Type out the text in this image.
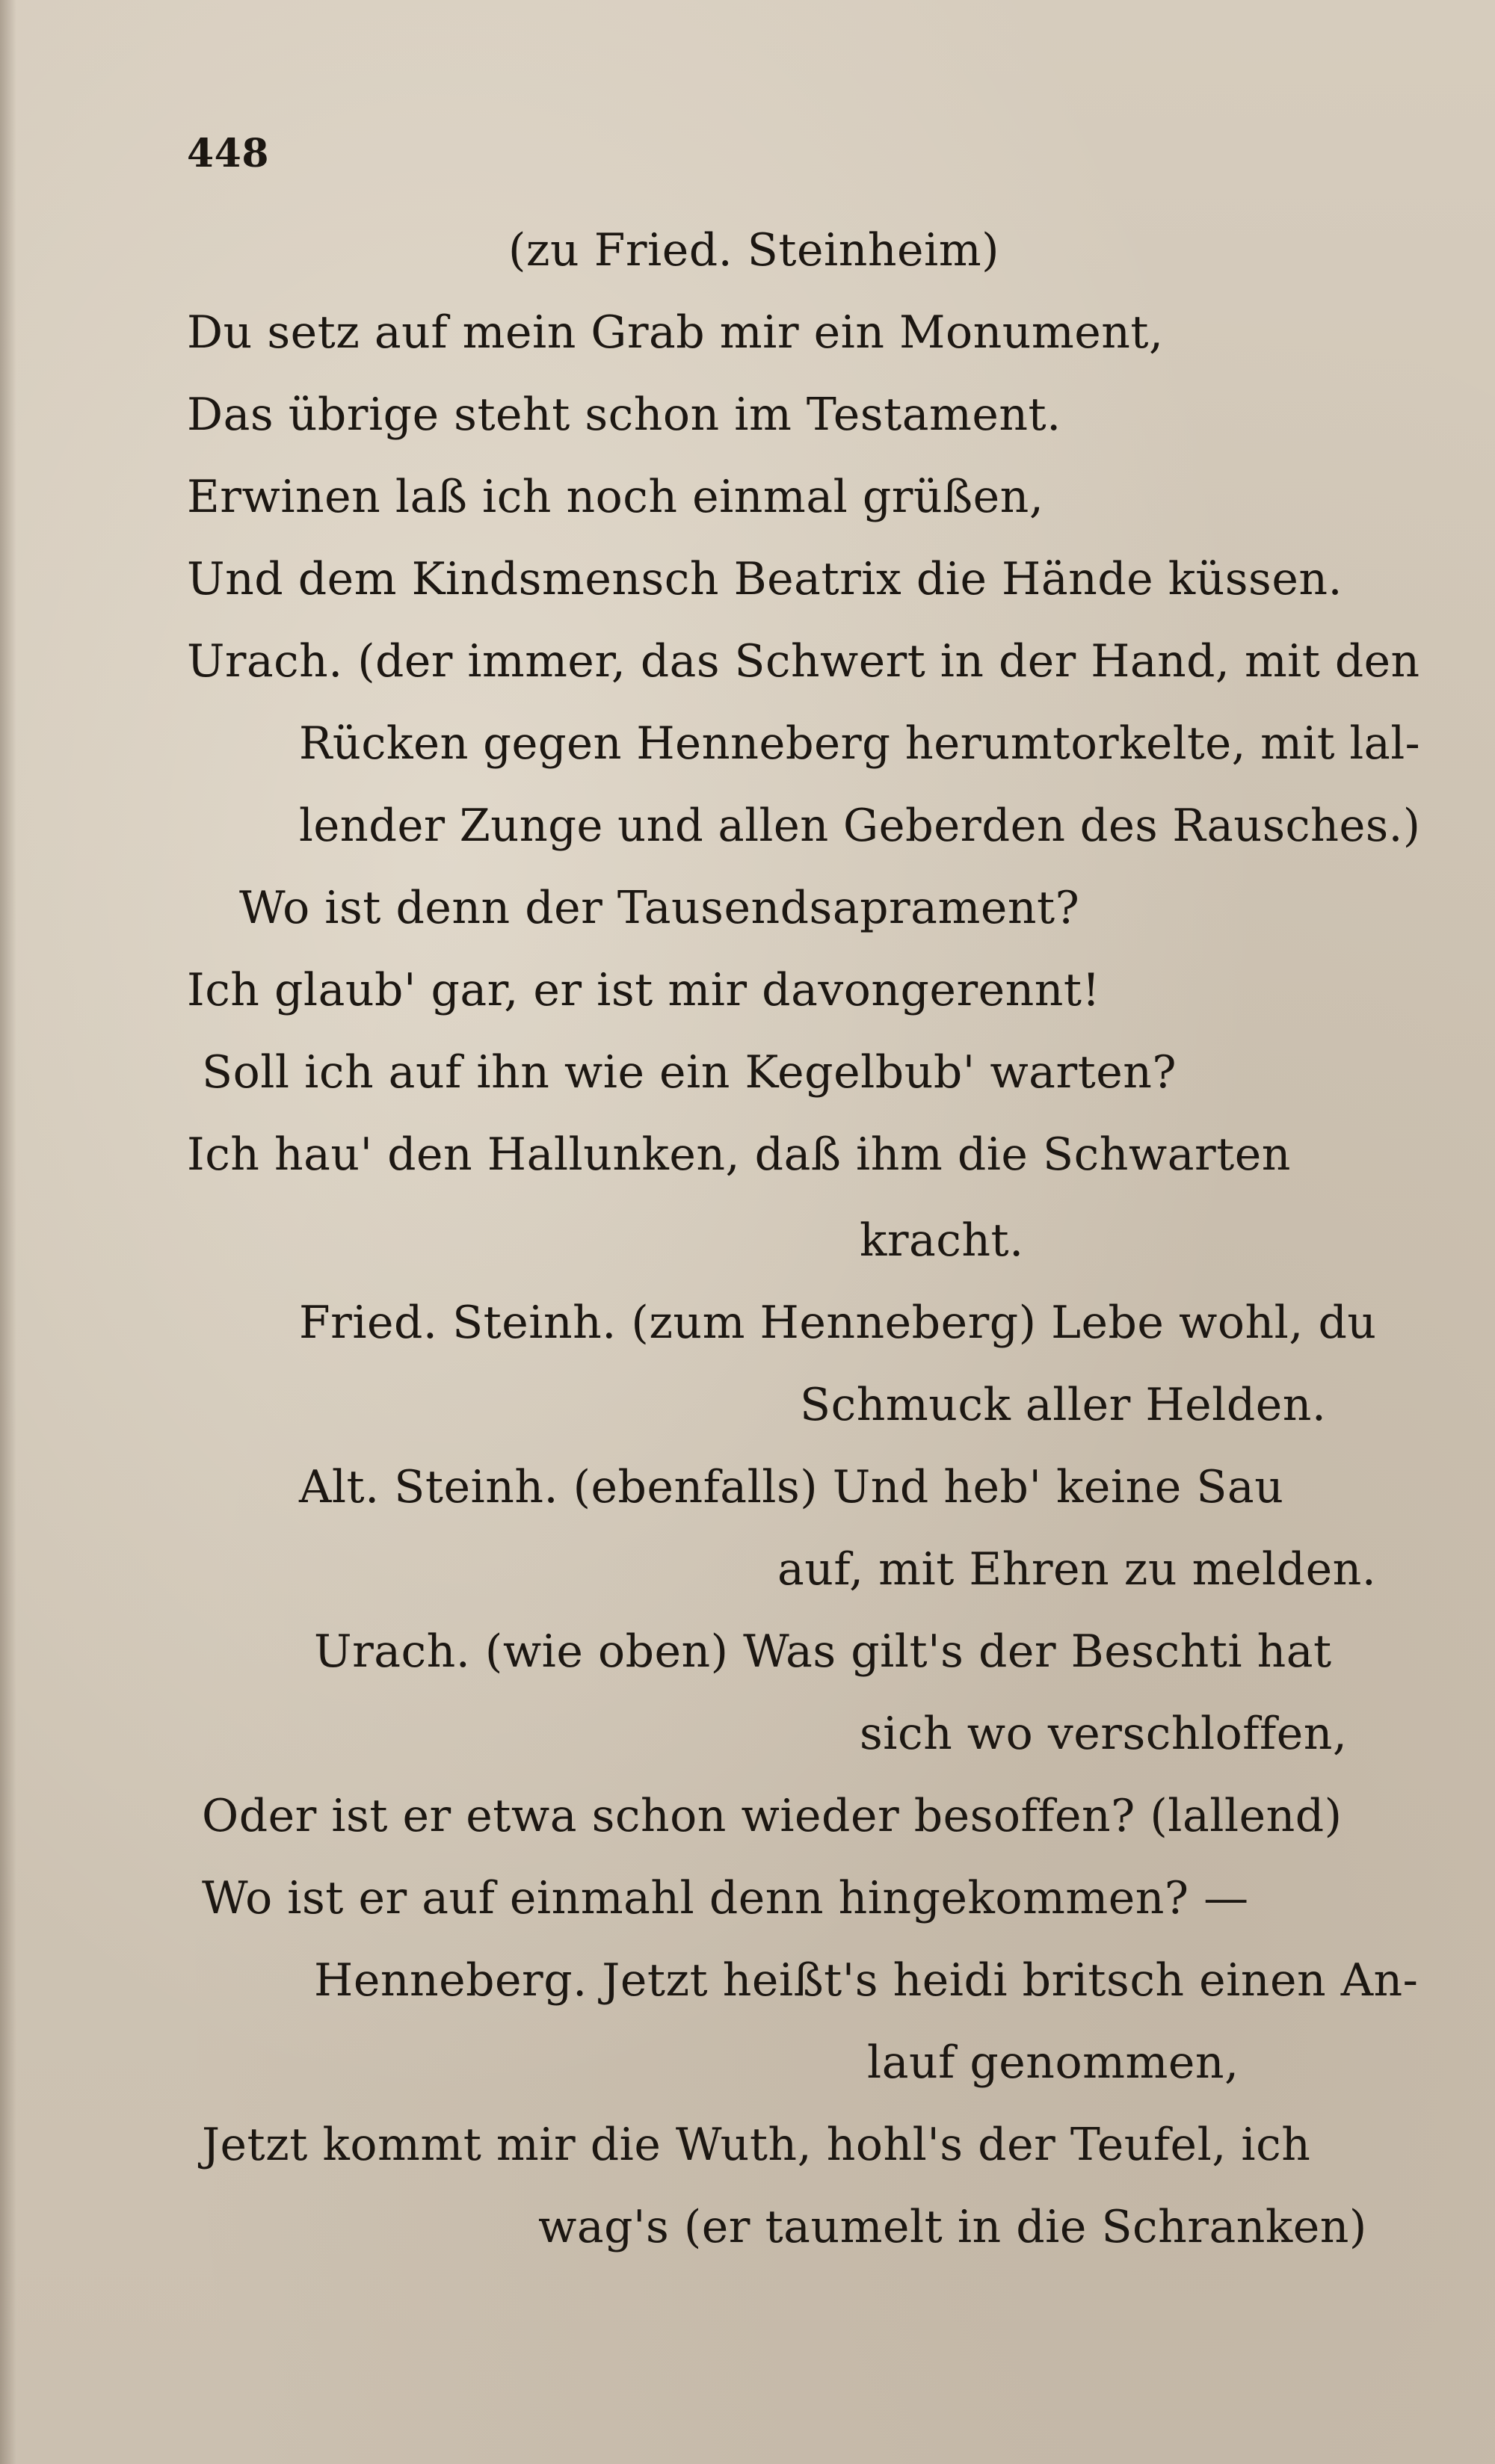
448
(zu Fried. Steinheim)
Du setz auf mein Grab mir ein Monument,
Das übrige steht schon im Testament.
Erwinen laß ich noch einmal grüßen,
Und dem Kindsmensch Beatrix die Hände küssen.
Urach. (der immer, das Schwert in der Hand, mit den
Rücken gegen Henneberg herumtorkelte, mit lal-
lender Zunge und allen Geberden des Rausches.)
Wo ist denn der Tausendsaprament?
Ich glaub' gar, er ist mir davongerennt!
Soll ich auf ihn wie ein Kegelbub' warten?
Ich hau' den Hallunken, daß ihm die Schwarten
kracht.
Fried. Steinh. (zum Henneberg) Lebe wohl, du
Schmuck aller Helden.
Alt. Steinh. (ebenfalls) Und heb' keine Sau
auf, mit Ehren zu melden.
Urach. (wie oben) Was gilt's der Beschti hat
sich wo verschloffen,
Oder ist er etwa schon wieder besoffen? (lallend)
Wo ist er auf einmahl denn hingekommen? —
Henneberg. Jetzt heißt's heidi britsch einen An-
lauf genommen,
Jetzt kommt mir die Wuth, hohl's der Teufel, ich
wag's (er taumelt in die Schranken)
